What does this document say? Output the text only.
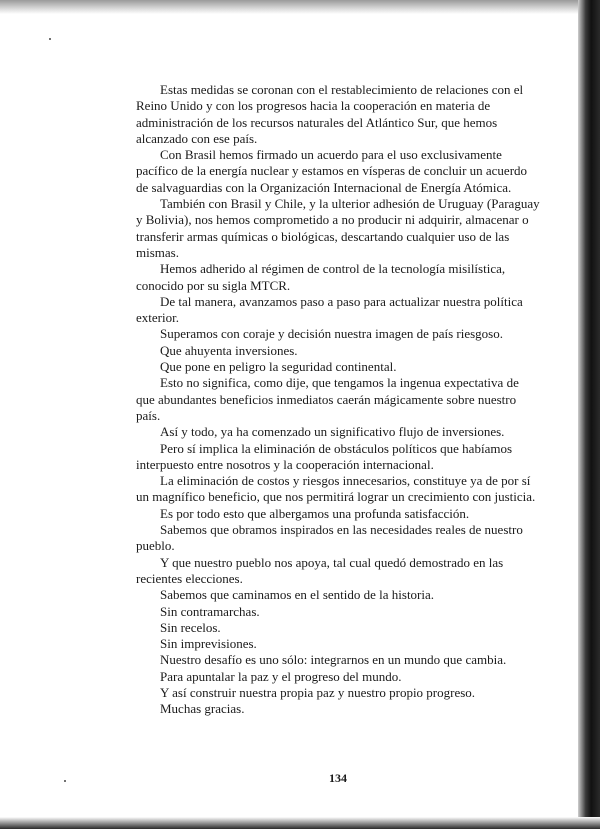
Estas medidas se coronan con el restablecimiento de relaciones con el Reino Unido y con los progresos hacia la cooperación en materia de administración de los recursos naturales del Atlántico Sur, que hemos alcanzado con ese país.

Con Brasil hemos firmado un acuerdo para el uso exclusivamente pacífico de la energía nuclear y estamos en vísperas de concluir un acuerdo de salvaguardias con la Organización Internacional de Energía Atómica.

También con Brasil y Chile, y la ulterior adhesión de Uruguay (Paraguay y Bolivia), nos hemos comprometido a no producir ni adquirir, almacenar o transferir armas químicas o biológicas, descartando cualquier uso de las mismas.

Hemos adherido al régimen de control de la tecnología misilística, conocido por su sigla MTCR.

De tal manera, avanzamos paso a paso para actualizar nuestra política exterior.

Superamos con coraje y decisión nuestra imagen de país riesgoso.

Que ahuyenta inversiones.

Que pone en peligro la seguridad continental.

Esto no significa, como dije, que tengamos la ingenua expectativa de que abundantes beneficios inmediatos caerán mágicamente sobre nuestro país.

Así y todo, ya ha comenzado un significativo flujo de inversiones.

Pero sí implica la eliminación de obstáculos políticos que habíamos interpuesto entre nosotros y la cooperación internacional.

La eliminación de costos y riesgos innecesarios, constituye ya de por sí un magnífico beneficio, que nos permitirá lograr un crecimiento con justicia.

Es por todo esto que albergamos una profunda satisfacción.

Sabemos que obramos inspirados en las necesidades reales de nuestro pueblo.

Y que nuestro pueblo nos apoya, tal cual quedó demostrado en las recientes elecciones.

Sabemos que caminamos en el sentido de la historia.

Sin contramarchas.

Sin recelos.

Sin imprevisiones.

Nuestro desafío es uno sólo: integrarnos en un mundo que cambia.

Para apuntalar la paz y el progreso del mundo.

Y así construir nuestra propia paz y nuestro propio progreso.

Muchas gracias.

134
